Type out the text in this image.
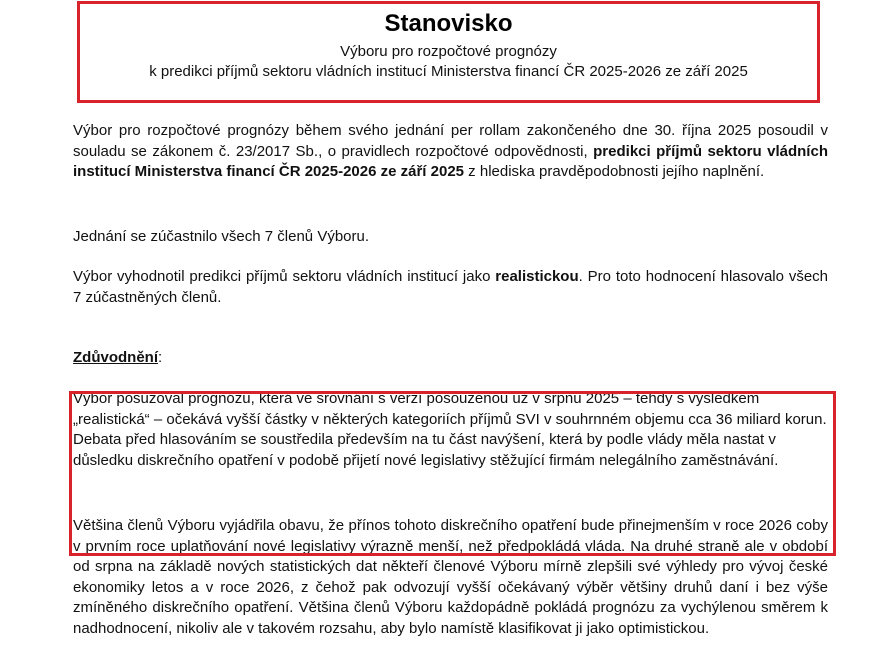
Stanovisko
Výboru pro rozpočtové prognózy
k predikci příjmů sektoru vládních institucí Ministerstva financí ČR 2025-2026 ze září 2025

Výbor pro rozpočtové prognózy během svého jednání per rollam zakončeného dne 30. října 2025 posoudil v souladu se zákonem č. 23/2017 Sb., o pravidlech rozpočtové odpovědnosti, predikci příjmů sektoru vládních institucí Ministerstva financí ČR 2025-2026 ze září 2025 z hlediska pravděpodobnosti jejího naplnění.

Jednání se zúčastnilo všech 7 členů Výboru.

Výbor vyhodnotil predikci příjmů sektoru vládních institucí jako realistickou. Pro toto hodnocení hlasovalo všech 7 zúčastněných členů.

Zdůvodnění:

Výbor posuzoval prognózu, která ve srovnání s verzí posouzenou už v srpnu 2025 – tehdy s výsledkem „realistická“ – očekává vyšší částky v některých kategoriích příjmů SVI v souhrnném objemu cca 36 miliard korun. Debata před hlasováním se soustředila především na tu část navýšení, která by podle vlády měla nastat v důsledku diskrečního opatření v podobě přijetí nové legislativy stěžující firmám nelegálního zaměstnávání.

Většina členů Výboru vyjádřila obavu, že přínos tohoto diskrečního opatření bude přinejmenším v roce 2026 coby v prvním roce uplatňování nové legislativy výrazně menší, než předpokládá vláda. Na druhé straně ale v období od srpna na základě nových statistických dat někteří členové Výboru mírně zlepšili své výhledy pro vývoj české ekonomiky letos a v roce 2026, z čehož pak odvozují vyšší očekávaný výběr většiny druhů daní i bez výše zmíněného diskrečního opatření. Většina členů Výboru každopádně pokládá prognózu za vychýlenou směrem k nadhodnocení, nikoliv ale v takovém rozsahu, aby bylo namístě klasifikovat ji jako optimistickou.
